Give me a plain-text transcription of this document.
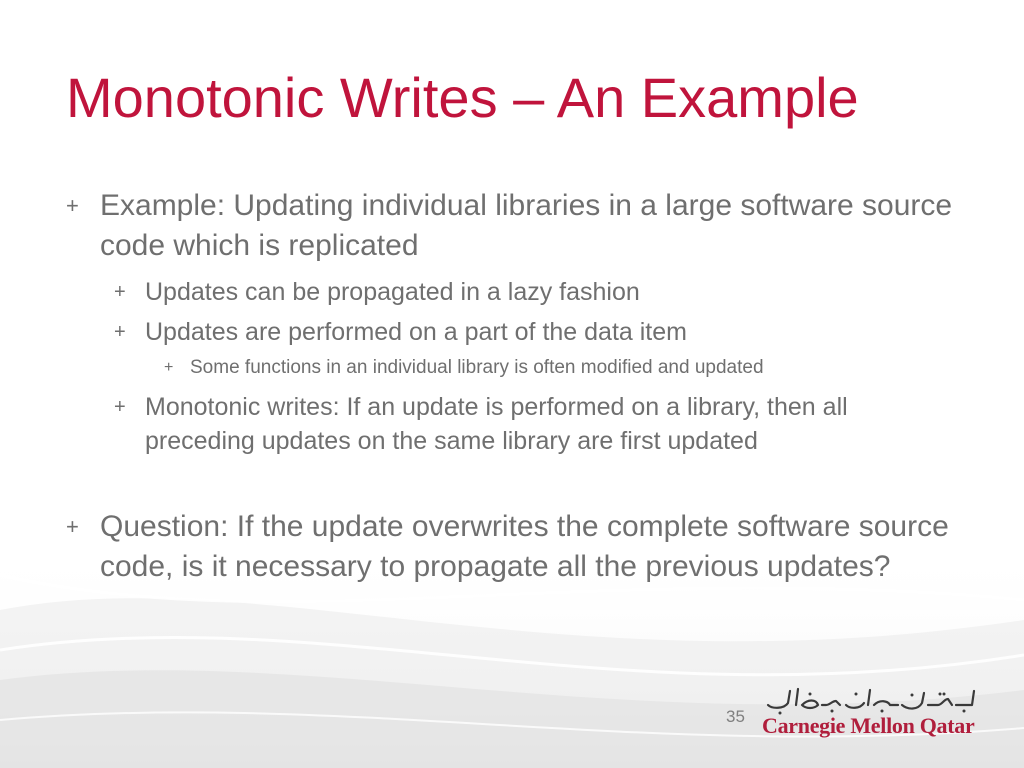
Monotonic Writes – An Example
+ Example: Updating individual libraries in a large software source code which is replicated
+ Updates can be propagated in a lazy fashion
+ Updates are performed on a part of the data item
+ Some functions in an individual library is often modified and updated
+ Monotonic writes: If an update is performed on a library, then all preceding updates on the same library are first updated
+ Question: If the update overwrites the complete software source code, is it necessary to propagate all the previous updates?
35 Carnegie Mellon Qatar
